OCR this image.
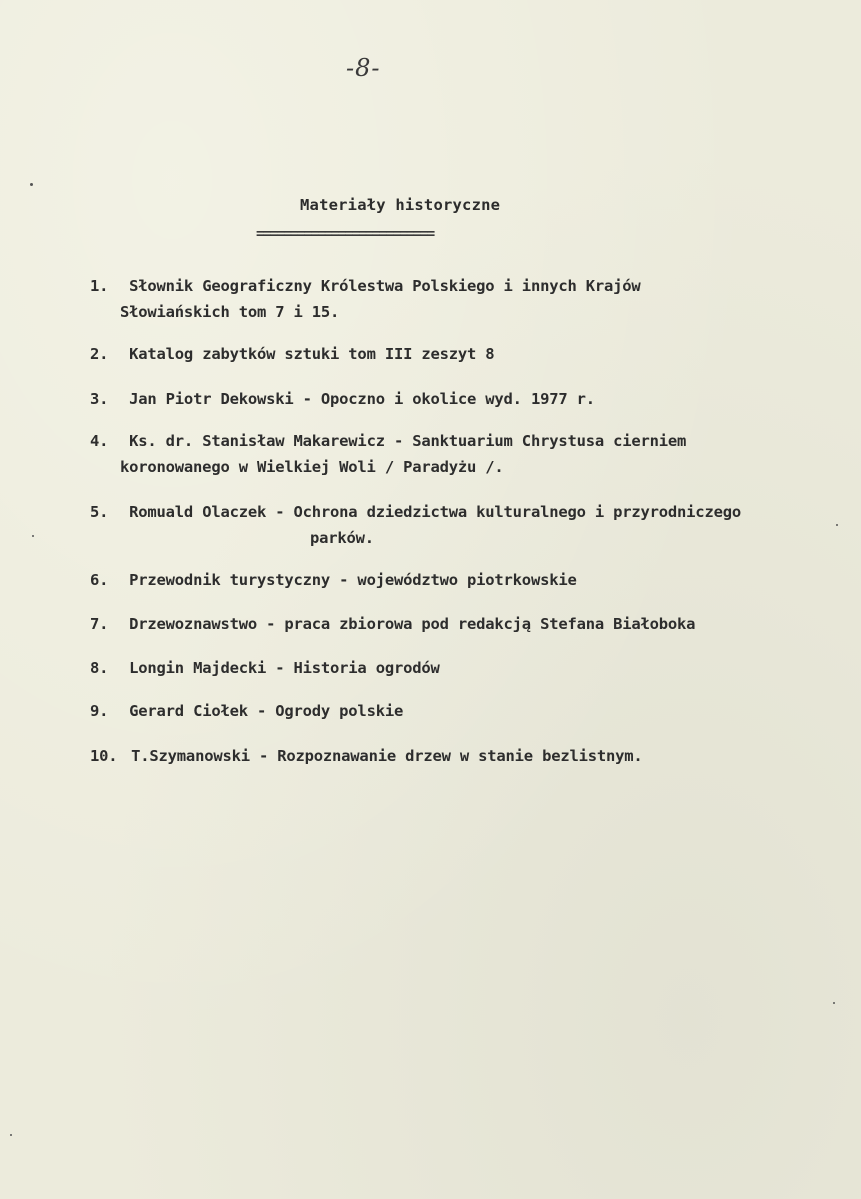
-8-
Materiały historyczne
==========================
1. Słownik Geograficzny Królestwa Polskiego i innych Krajów
Słowiańskich tom 7 i 15.
2. Katalog zabytków sztuki tom III zeszyt 8
3. Jan Piotr Dekowski - Opoczno i okolice wyd. 1977 r.
4. Ks. dr. Stanisław Makarewicz - Sanktuarium Chrystusa cierniem
koronowanego w Wielkiej Woli / Paradyżu /.
5. Romuald Olaczek - Ochrona dziedzictwa kulturalnego i przyrodniczego
parków.
6. Przewodnik turystyczny - województwo piotrkowskie
7. Drzewoznawstwo - praca zbiorowa pod redakcją Stefana Białoboka
8. Longin Majdecki - Historia ogrodów
9. Gerard Ciołek - Ogrody polskie
10. T.Szymanowski - Rozpoznawanie drzew w stanie bezlistnym.
